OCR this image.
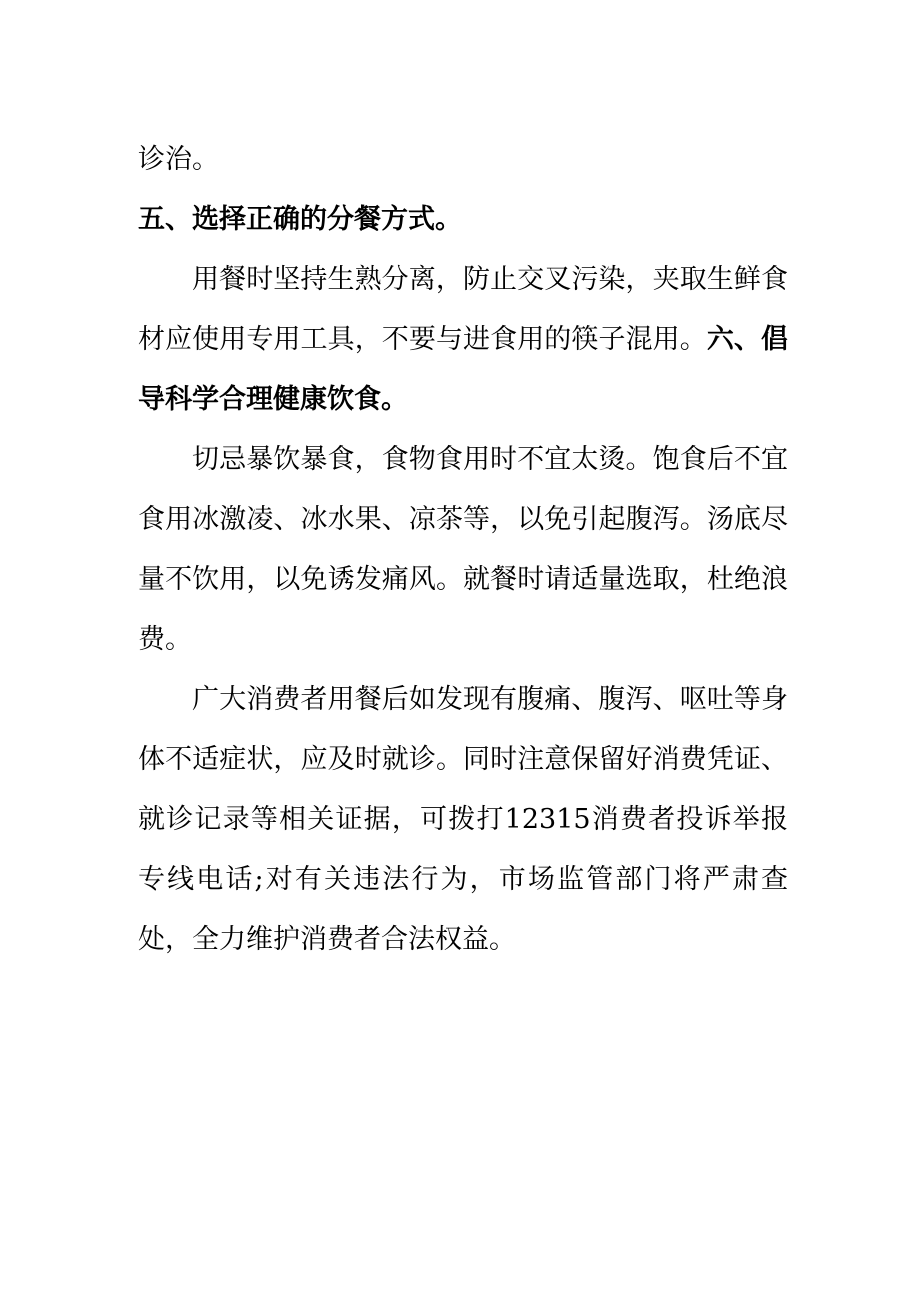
诊治。

五、选择正确的分餐方式。

用餐时坚持生熟分离，防止交叉污染，夹取生鲜食材应使用专用工具，不要与进食用的筷子混用。六、倡导科学合理健康饮食。

切忌暴饮暴食，食物食用时不宜太烫。饱食后不宜食用冰激凌、冰水果、凉茶等，以免引起腹泻。汤底尽量不饮用，以免诱发痛风。就餐时请适量选取，杜绝浪费。

广大消费者用餐后如发现有腹痛、腹泻、呕吐等身体不适症状，应及时就诊。同时注意保留好消费凭证、就诊记录等相关证据，可拨打12315消费者投诉举报专线电话;对有关违法行为，市场监管部门将严肃查处，全力维护消费者合法权益。
